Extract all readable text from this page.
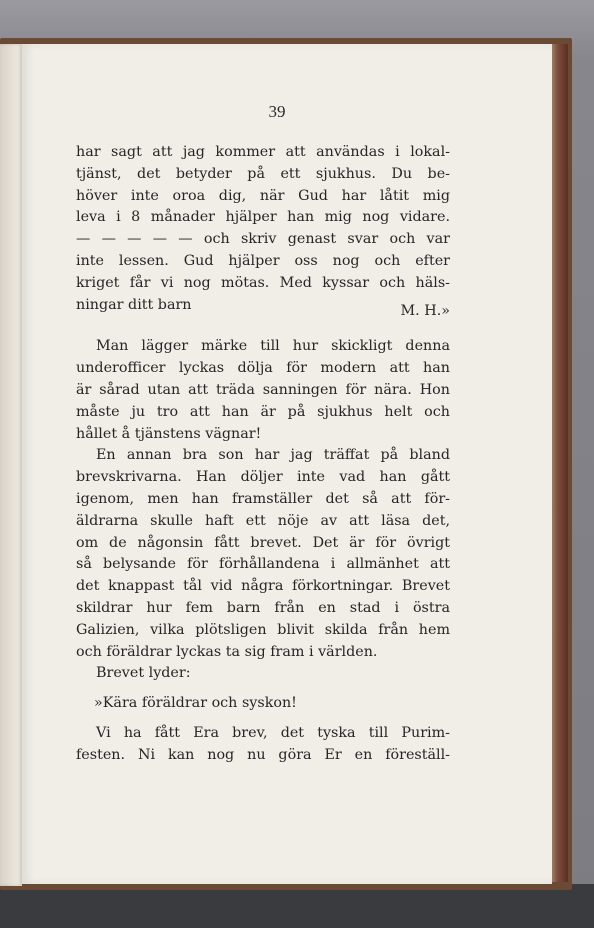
39
har sagt att jag kommer att användas i lokal-
tjänst, det betyder på ett sjukhus. Du be-
höver inte oroa dig, när Gud har låtit mig
leva i 8 månader hjälper han mig nog vidare.
— — — — — och skriv genast svar och var
inte lessen. Gud hjälper oss nog och efter
kriget får vi nog mötas. Med kyssar och häls-
ningar ditt barn	M. H.»
Man lägger märke till hur skickligt denna
underofficer lyckas dölja för modern att han
är sårad utan att träda sanningen för nära. Hon
måste ju tro att han är på sjukhus helt och
hållet å tjänstens vägnar!
En annan bra son har jag träffat på bland
brevskrivarna. Han döljer inte vad han gått
igenom, men han framställer det så att för-
äldrarna skulle haft ett nöje av att läsa det,
om de någonsin fått brevet. Det är för övrigt
så belysande för förhållandena i allmänhet att
det knappast tål vid några förkortningar. Brevet
skildrar hur fem barn från en stad i östra
Galizien, vilka plötsligen blivit skilda från hem
och föräldrar lyckas ta sig fram i världen.
Brevet lyder:
»Kära föräldrar och syskon!
Vi ha fått Era brev, det tyska till Purim-
festen. Ni kan nog nu göra Er en föreställ-
